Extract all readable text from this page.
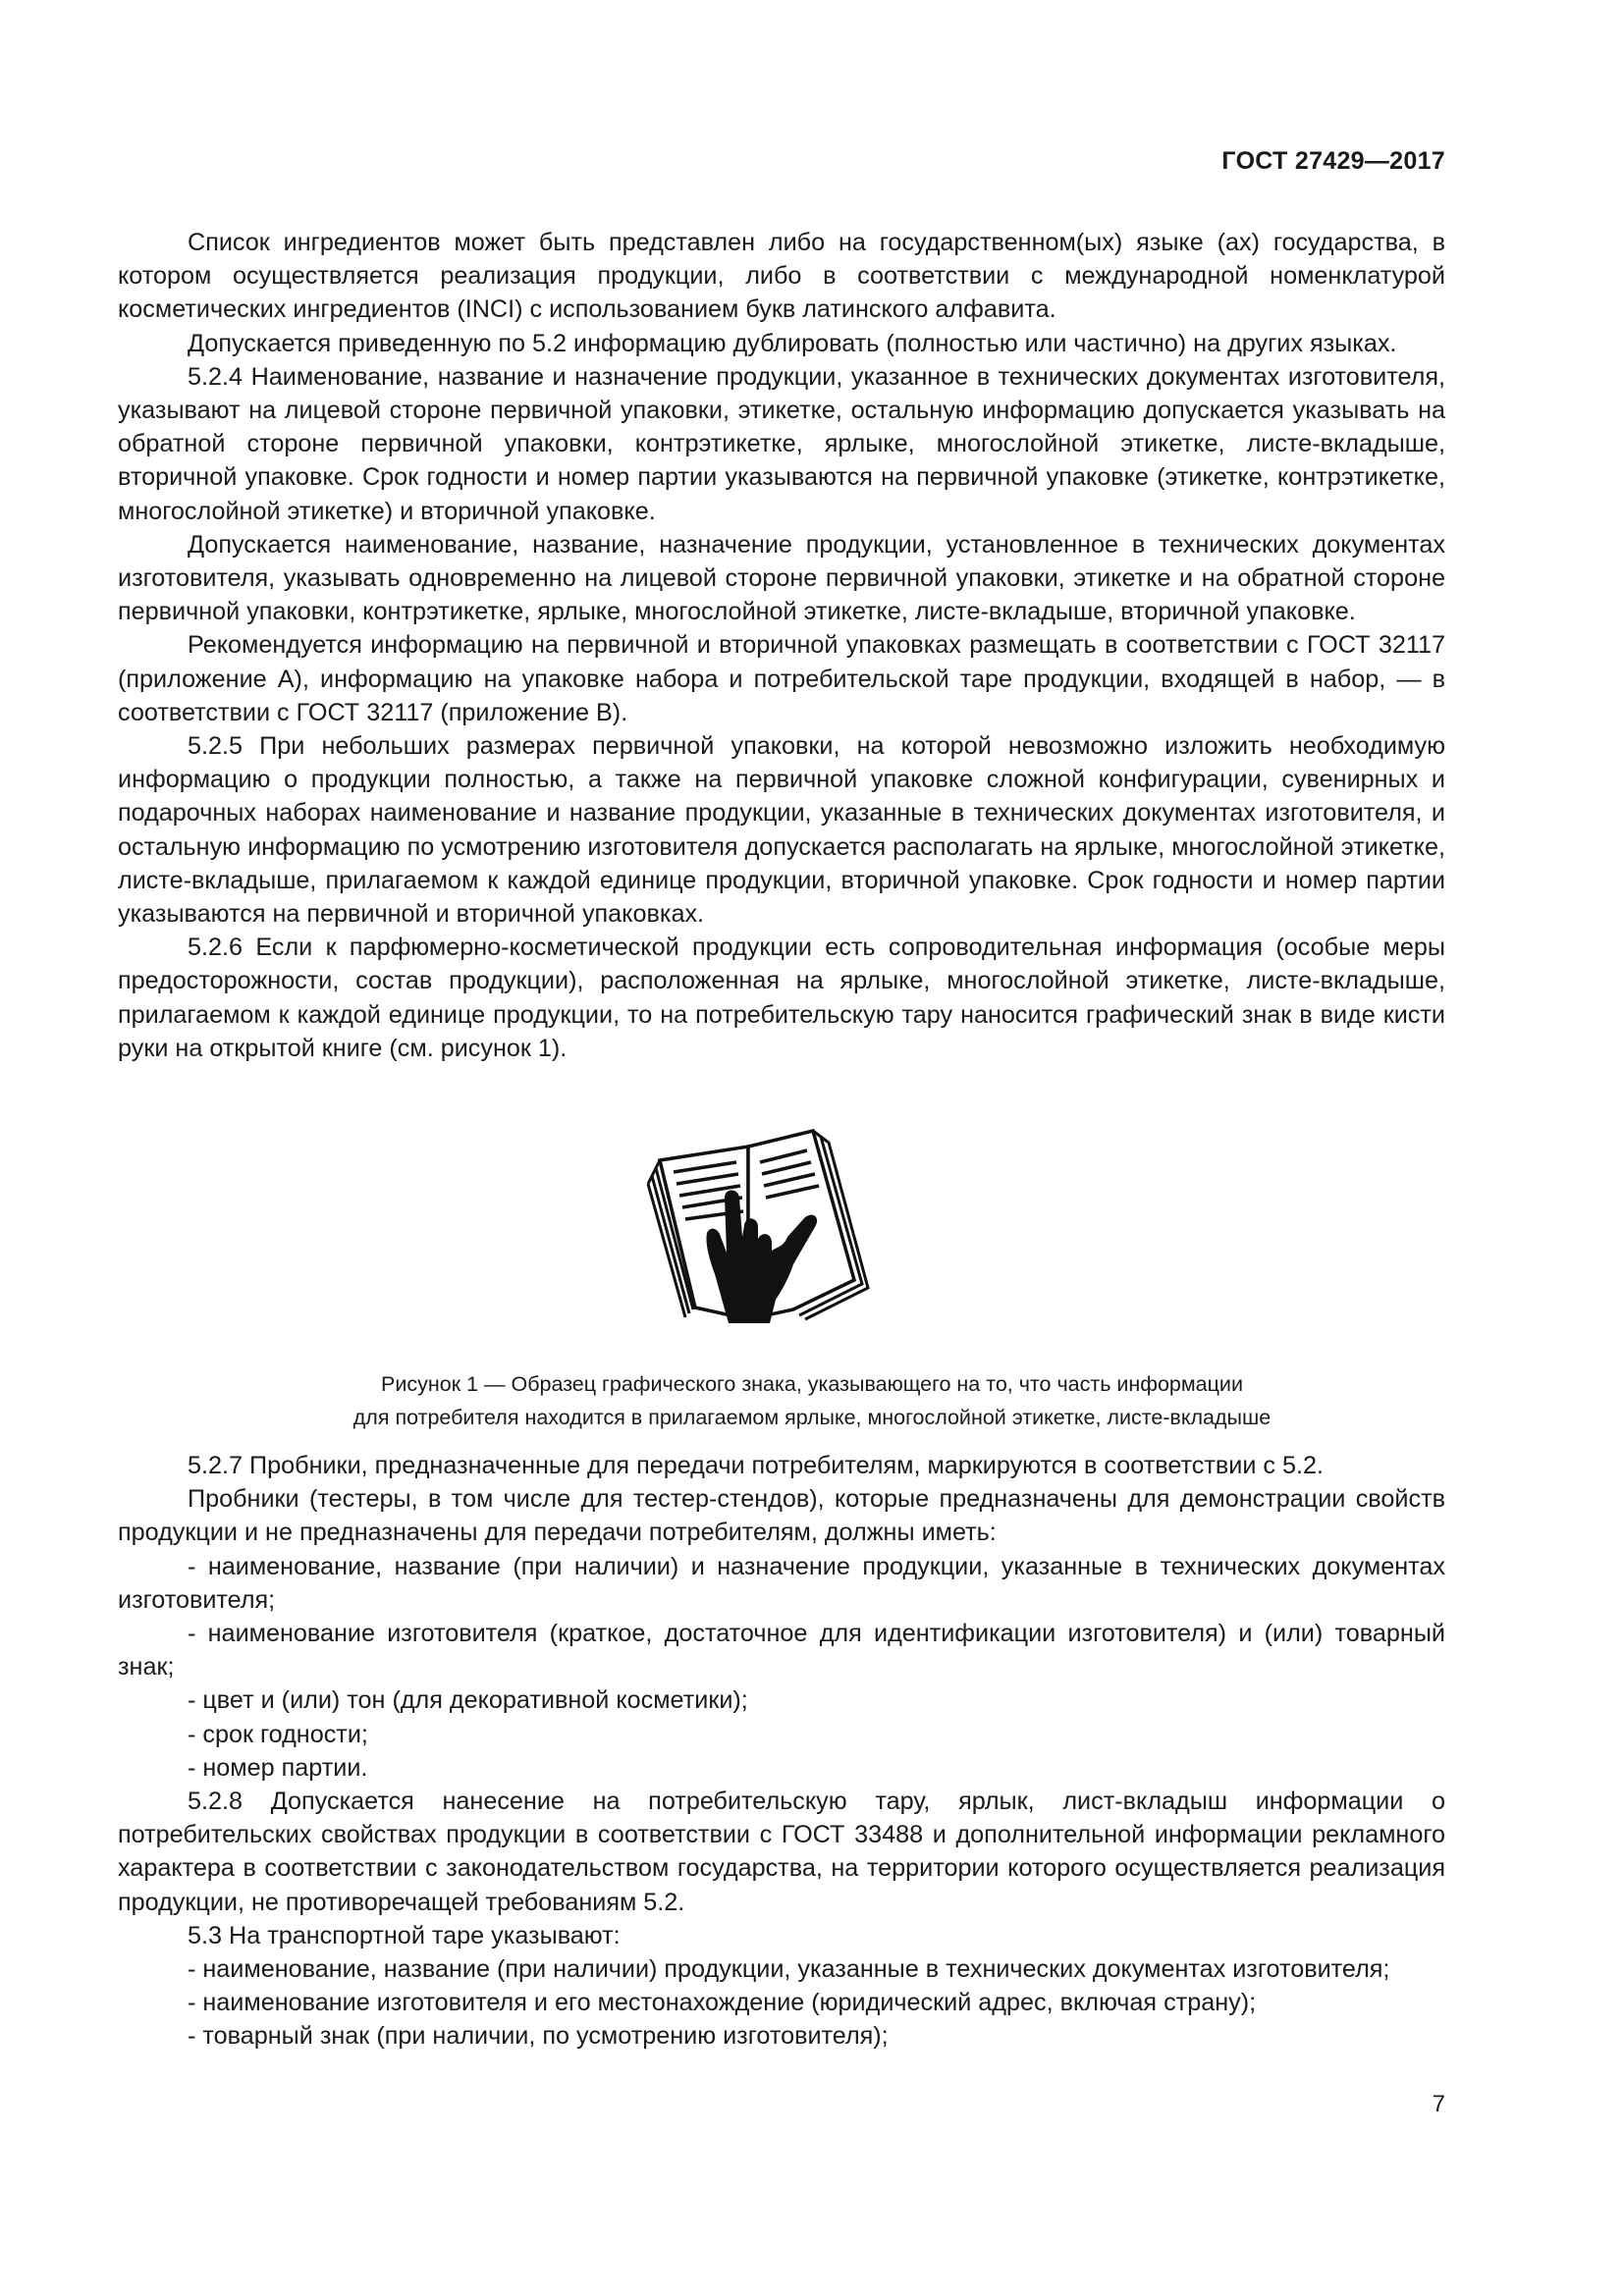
ГОСТ 27429—2017

Список ингредиентов может быть представлен либо на государственном(ых) языке (ах) государства, в котором осуществляется реализация продукции, либо в соответствии с международной номенклатурой косметических ингредиентов (INCI) с использованием букв латинского алфавита.

Допускается приведенную по 5.2 информацию дублировать (полностью или частично) на других языках.

5.2.4 Наименование, название и назначение продукции, указанное в технических документах изготовителя, указывают на лицевой стороне первичной упаковки, этикетке, остальную информацию допускается указывать на обратной стороне первичной упаковки, контрэтикетке, ярлыке, многослойной этикетке, листе-вкладыше, вторичной упаковке. Срок годности и номер партии указываются на первичной упаковке (этикетке, контрэтикетке, многослойной этикетке) и вторичной упаковке.

Допускается наименование, название, назначение продукции, установленное в технических документах изготовителя, указывать одновременно на лицевой стороне первичной упаковки, этикетке и на обратной стороне первичной упаковки, контрэтикетке, ярлыке, многослойной этикетке, листе-вкладыше, вторичной упаковке.

Рекомендуется информацию на первичной и вторичной упаковках размещать в соответствии с ГОСТ 32117 (приложение А), информацию на упаковке набора и потребительской таре продукции, входящей в набор, — в соответствии с ГОСТ 32117 (приложение В).

5.2.5 При небольших размерах первичной упаковки, на которой невозможно изложить необходимую информацию о продукции полностью, а также на первичной упаковке сложной конфигурации, сувенирных и подарочных наборах наименование и название продукции, указанные в технических документах изготовителя, и остальную информацию по усмотрению изготовителя допускается располагать на ярлыке, многослойной этикетке, листе-вкладыше, прилагаемом к каждой единице продукции, вторичной упаковке. Срок годности и номер партии указываются на первичной и вторичной упаковках.

5.2.6 Если к парфюмерно-косметической продукции есть сопроводительная информация (особые меры предосторожности, состав продукции), расположенная на ярлыке, многослойной этикетке, листе-вкладыше, прилагаемом к каждой единице продукции, то на потребительскую тару наносится графический знак в виде кисти руки на открытой книге (см. рисунок 1).

Рисунок 1 — Образец графического знака, указывающего на то, что часть информации
для потребителя находится в прилагаемом ярлыке, многослойной этикетке, листе-вкладыше

5.2.7 Пробники, предназначенные для передачи потребителям, маркируются в соответствии с 5.2.

Пробники (тестеры, в том числе для тестер-стендов), которые предназначены для демонстрации свойств продукции и не предназначены для передачи потребителям, должны иметь:

- наименование, название (при наличии) и назначение продукции, указанные в технических документах изготовителя;

- наименование изготовителя (краткое, достаточное для идентификации изготовителя) и (или) товарный знак;

- цвет и (или) тон (для декоративной косметики);

- срок годности;

- номер партии.

5.2.8 Допускается нанесение на потребительскую тару, ярлык, лист-вкладыш информации о потребительских свойствах продукции в соответствии с ГОСТ 33488 и дополнительной информации рекламного характера в соответствии с законодательством государства, на территории которого осуществляется реализация продукции, не противоречащей требованиям 5.2.

5.3 На транспортной таре указывают:

- наименование, название (при наличии) продукции, указанные в технических документах изготовителя;

- наименование изготовителя и его местонахождение (юридический адрес, включая страну);

- товарный знак (при наличии, по усмотрению изготовителя);

7
